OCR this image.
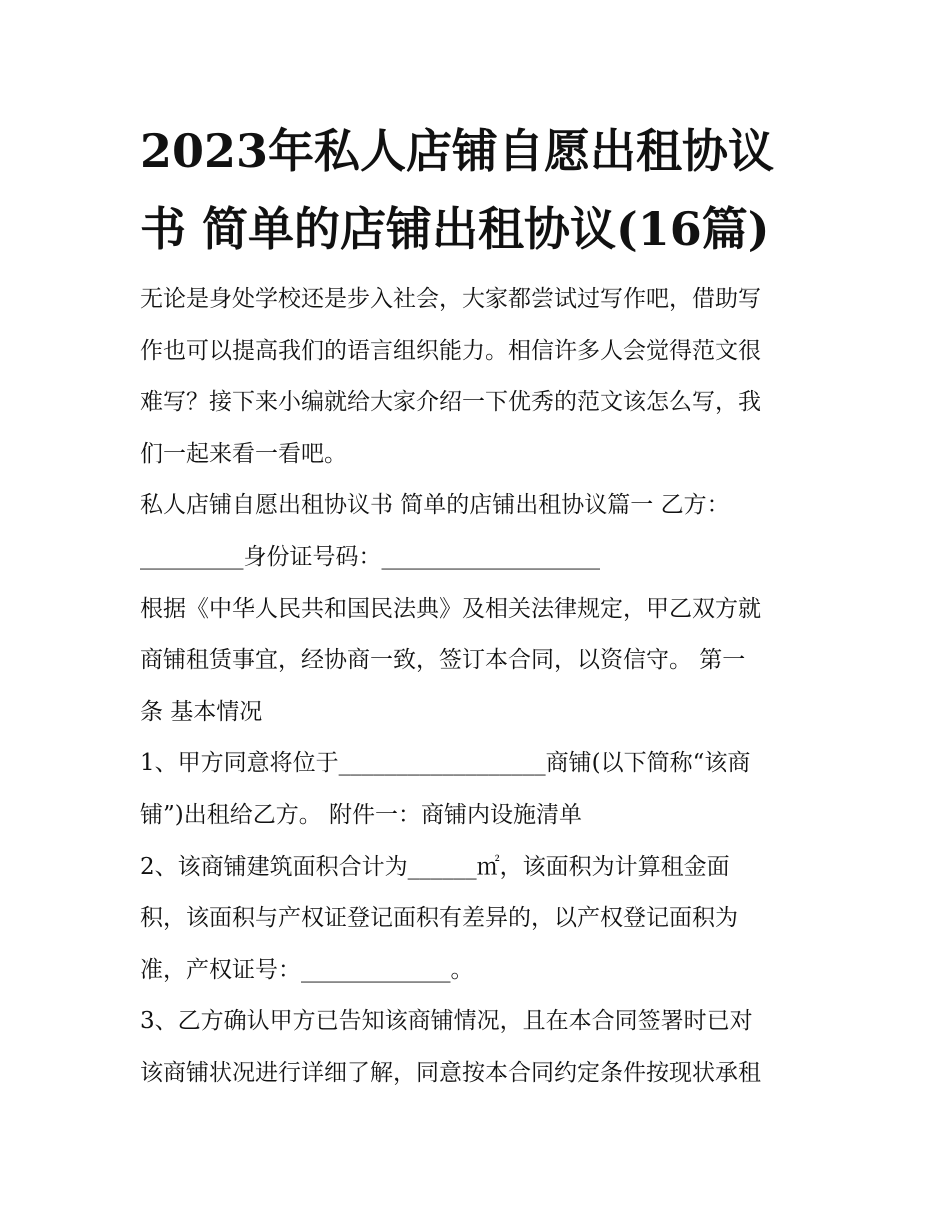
2023年私人店铺自愿出租协议
书 简单的店铺出租协议(16篇)

无论是身处学校还是步入社会，大家都尝试过写作吧，借助写
作也可以提高我们的语言组织能力。相信许多人会觉得范文很
难写？接下来小编就给大家介绍一下优秀的范文该怎么写，我
们一起来看一看吧。

私人店铺自愿出租协议书 简单的店铺出租协议篇一 乙方：
_________身份证号码：___________________

根据《中华人民共和国民法典》及相关法律规定，甲乙双方就
商铺租赁事宜，经协商一致，签订本合同，以资信守。 第一
条 基本情况

1、甲方同意将位于__________________商铺(以下简称“该商
铺”)出租给乙方。 附件一：商铺内设施清单

2、该商铺建筑面积合计为______㎡，该面积为计算租金面
积，该面积与产权证登记面积有差异的，以产权登记面积为
准，产权证号：_____________。

3、乙方确认甲方已告知该商铺情况，且在本合同签署时已对
该商铺状况进行详细了解，同意按本合同约定条件按现状承租
